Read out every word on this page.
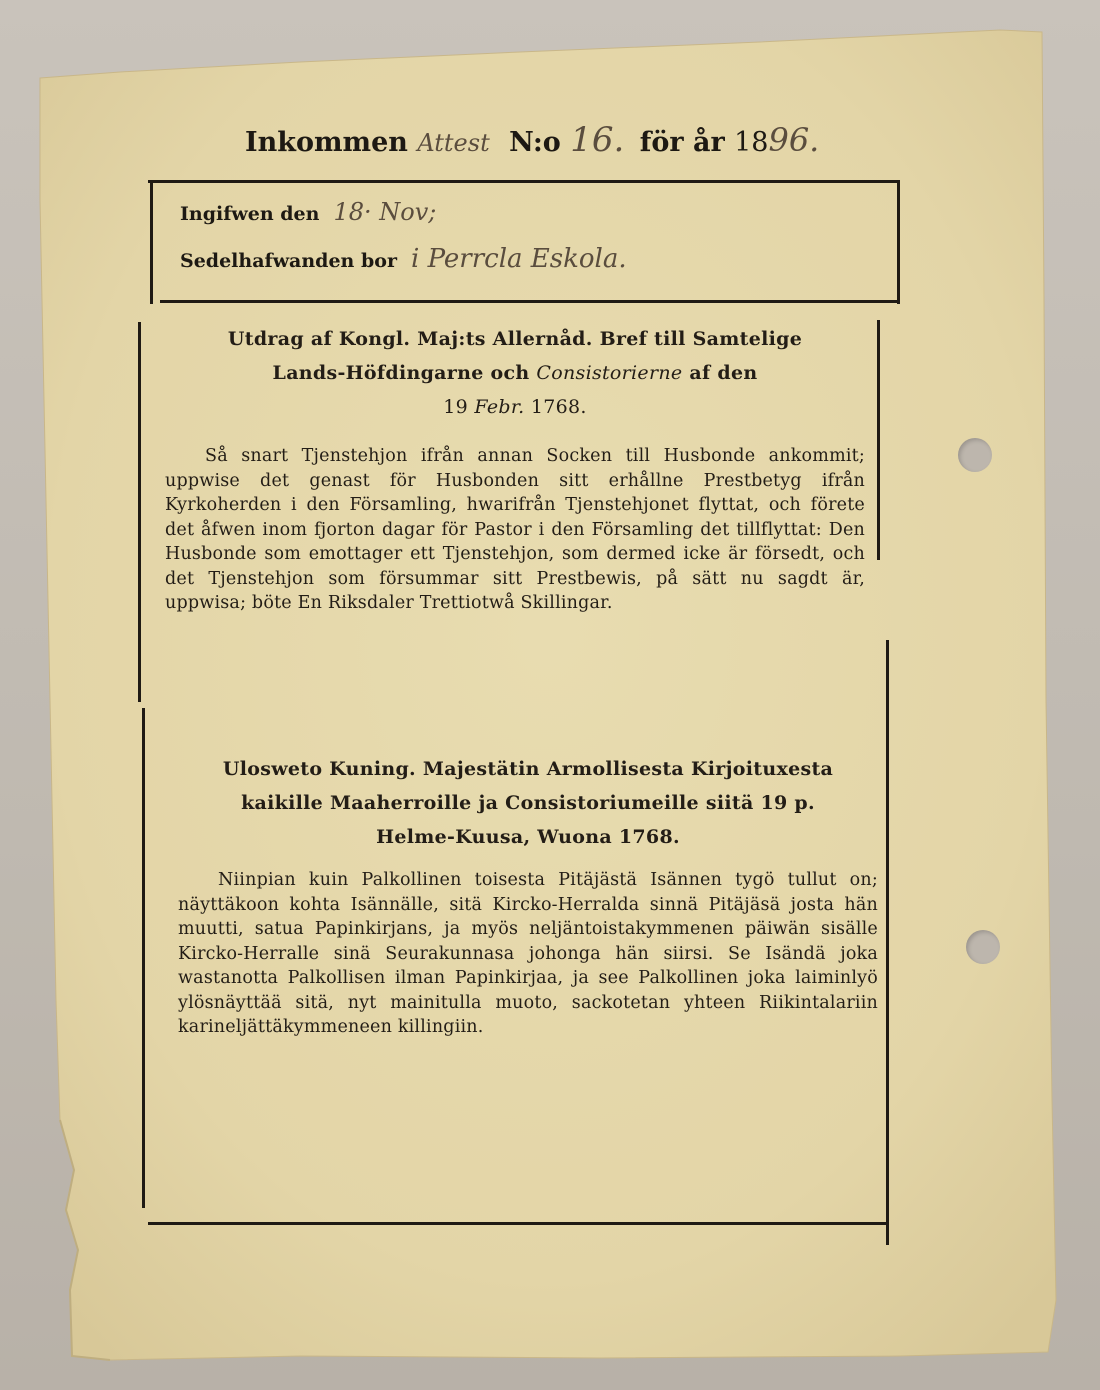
Inkommen Attest N:o 16. för år 1896.
Ingifwen den 18· Nov;
Sedelhafwanden bor i Perrcla Eskola.
Utdrag af Kongl. Maj:ts Allernåd. Bref till Samtelige
Lands-Höfdingarne och Consistorierne af den
19 Febr. 1768.
Så snart Tjenstehjon ifrån annan Socken till Husbonde ankommit; uppwise det genast för Husbonden sitt erhållne Prestbetyg ifrån Kyrkoherden i den Församling, hwarifrån Tjenstehjonet flyttat, och förete det åfwen inom fjorton dagar för Pastor i den Församling det tillflyttat: Den Husbonde som emottager ett Tjenstehjon, som dermed icke är försedt, och det Tjenstehjon som försummar sitt Prestbewis, på sätt nu sagdt är, uppwisa; böte En Riksdaler Trettiotwå Skillingar.
Ulosweto Kuning. Majestätin Armollisesta Kirjoituxesta
kaikille Maaherroille ja Consistoriumeille siitä 19 p.
Helme-Kuusa, Wuona 1768.
Niinpian kuin Palkollinen toisesta Pitäjästä Isännen tygö tullut on; näyttäkoon kohta Isännälle, sitä Kircko-Herralda sinnä Pitäjäsä josta hän muutti, satua Papinkirjans, ja myös neljäntoistakymmenen päiwän sisälle Kircko-Herralle sinä Seurakunnasa johonga hän siirsi. Se Isändä joka wastanotta Palkollisen ilman Papinkirjaa, ja see Palkollinen joka laiminlyö ylösnäyttää sitä, nyt mainitulla muoto, sackotetan yhteen Riikintalariin karineljättäkymmeneen killingiin.
